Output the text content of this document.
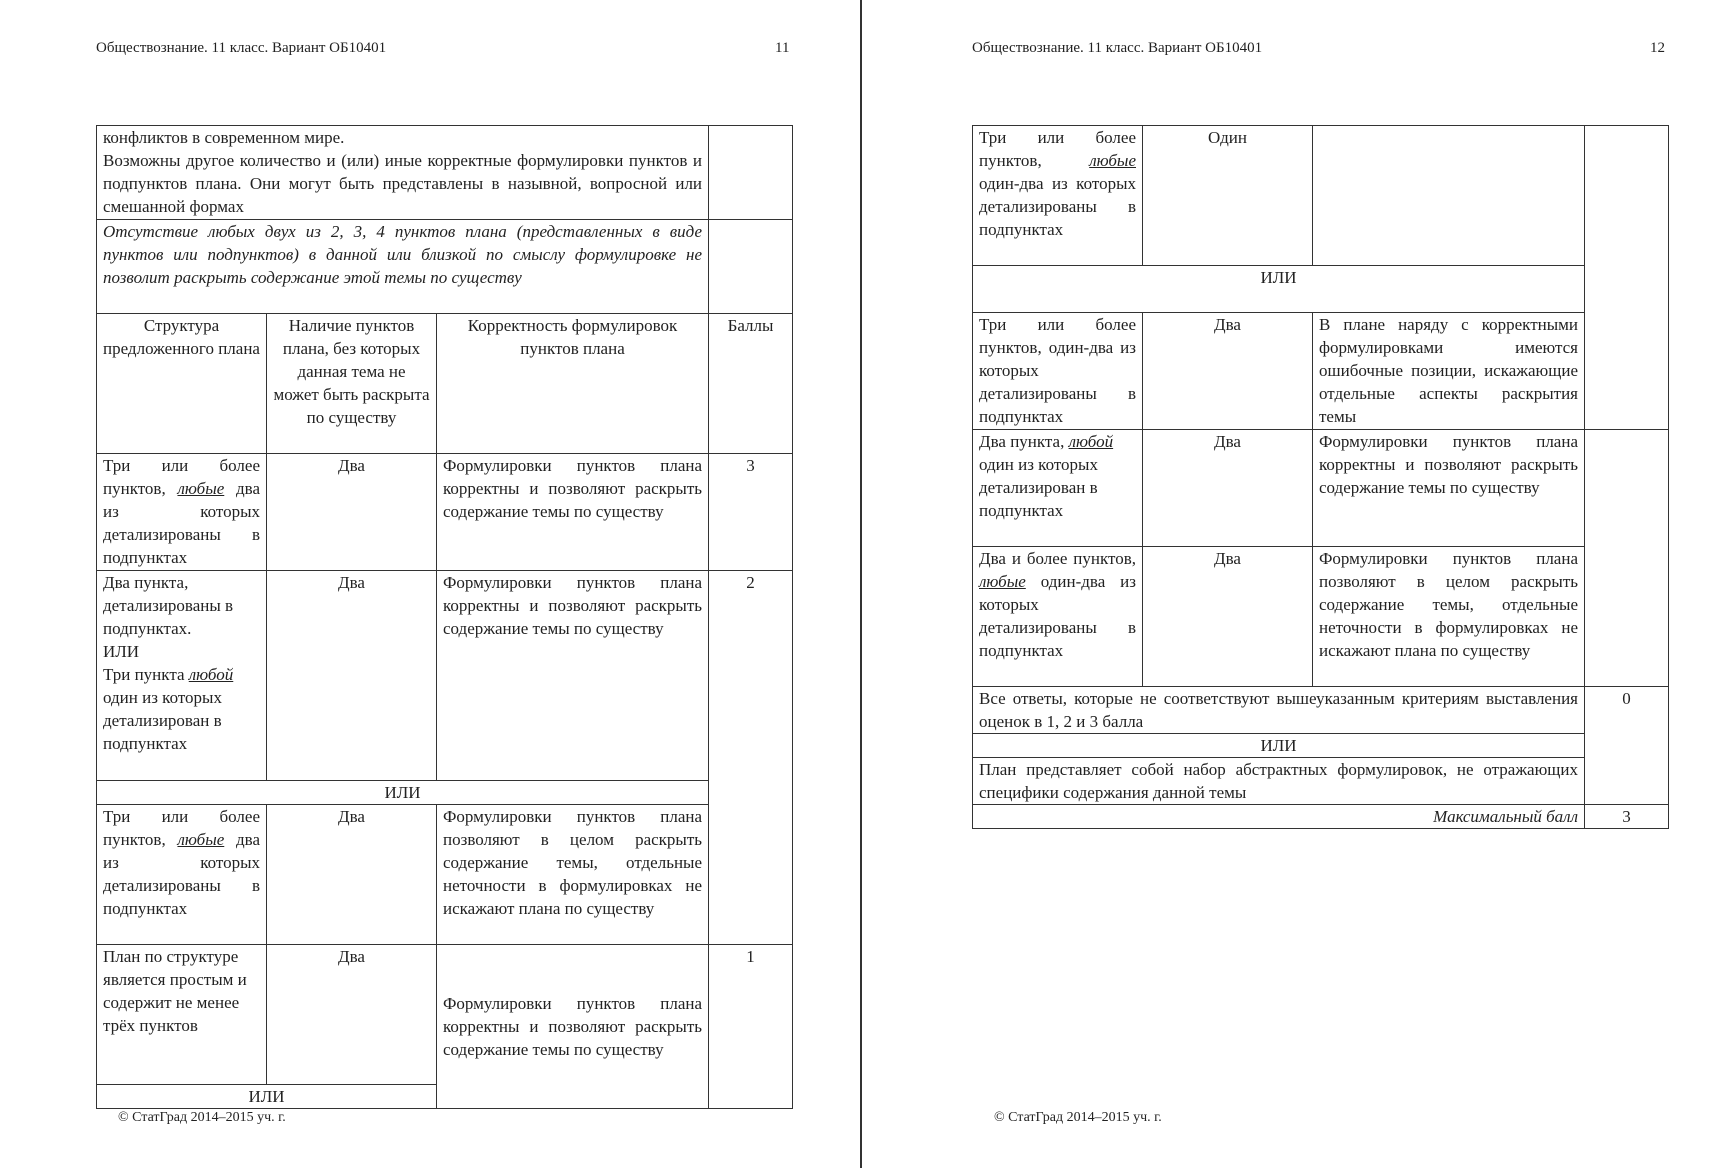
Обществознание. 11 класс. Вариант ОБ10401	11
конфликтов в современном мире.
Возможны другое количество и (или) иные корректные формулировки пунктов и подпунктов плана. Они могут быть представлены в назывной, вопросной или смешанной формах			

Отсутствие любых двух из 2, 3, 4 пунктов плана (представленных в виде пунктов или подпунктов) в данной или близкой по смыслу формулировке не позволит раскрыть содержание этой темы по существу			
Структура предложенного плана	Наличие пунктов плана, без которых данная тема не может быть раскрыта по существу	Корректность формулировок пунктов плана	Баллы
Три или более пунктов, любые два из которых детализированы в подпунктах	Два	Формулировки пунктов плана корректны и позволяют раскрыть содержание темы по существу	3

Два пункта, детализированы в подпунктах.
ИЛИ
Три пункта любой один из которых детализирован в подпунктах	Два	Формулировки пунктов плана корректны и позволяют раскрыть содержание темы по существу	2
ИЛИ			
Три или более пунктов, любые два из которых детализированы в подпунктах	Два	Формулировки пунктов плана позволяют в целом раскрыть содержание темы, отдельные неточности в формулировках не искажают плана по существу	
План по структуре является простым и содержит не менее трёх пунктов	Два	Формулировки пунктов плана корректны и позволяют раскрыть содержание темы по существу	1
ИЛИ			
© СтатГрад 2014–2015 уч. г.
Обществознание. 11 класс. Вариант ОБ10401	12
Три или более пунктов, любые один-два из которых детализированы в подпунктах	Один		
ИЛИ			
Три или более пунктов, один-два из которых детализированы в подпунктах	Два	В плане наряду с корректными формулировками имеются ошибочные позиции, искажающие отдельные аспекты раскрытия темы	
Два пункта, любой один из которых детализирован в подпунктах	Два	Формулировки пунктов плана корректны и позволяют раскрыть содержание темы по существу	
Два и более пунктов, любые один-два из которых детализированы в подпунктах	Два	Формулировки пунктов плана позволяют в целом раскрыть содержание темы, отдельные неточности в формулировках не искажают плана по существу	
Все ответы, которые не соответствуют вышеуказанным критериям выставления оценок в 1, 2 и 3 балла			0
ИЛИ			
План представляет собой набор абстрактных формулировок, не отражающих специфики содержания данной темы			
Максимальный балл			3
© СтатГрад 2014–2015 уч. г.
